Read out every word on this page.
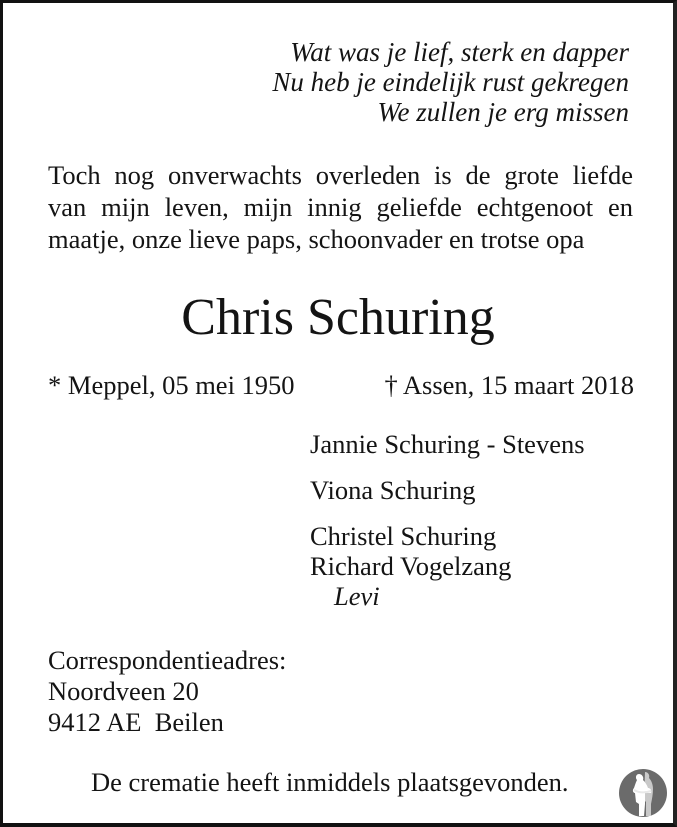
Wat was je lief, sterk en dapper
Nu heb je eindelijk rust gekregen
We zullen je erg missen
Toch nog onverwachts overleden is de grote liefde
van mijn leven, mijn innig geliefde echtgenoot en
maatje, onze lieve paps, schoonvader en trotse opa
Chris Schuring
* Meppel, 05 mei 1950	† Assen, 15 maart 2018
Jannie Schuring - Stevens
Viona Schuring
Christel Schuring
Richard Vogelzang
Levi
Correspondentieadres:
Noordveen 20
9412 AE  Beilen
De crematie heeft inmiddels plaatsgevonden.
